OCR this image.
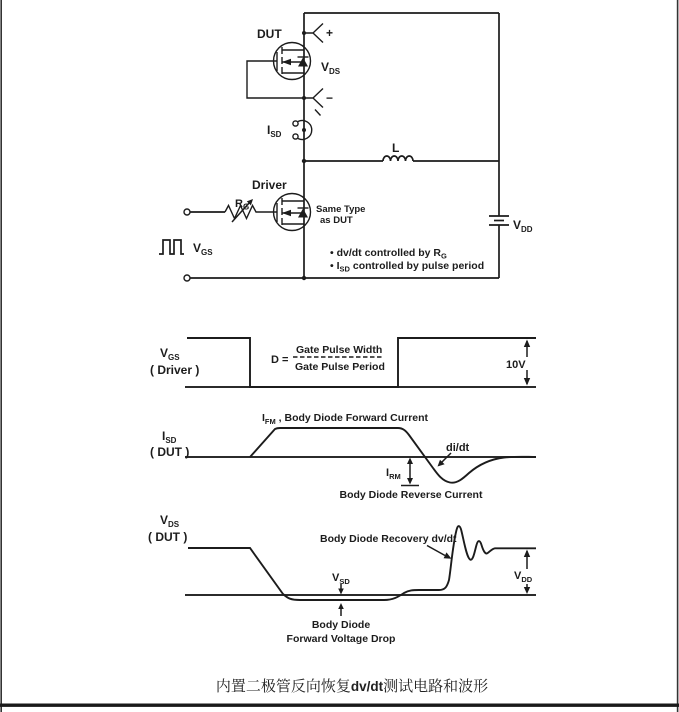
DUT
$V_{DS}$
+
−
$I_{SD}$
L
Driver
$R_G$	Same Type
as DUT
$V_{GS}$
$V_{DD}$
• dv/dt controlled by $R_G$
• $I_{SD}$ controlled by pulse period
$V_{GS}$
( Driver )
D =
Gate Pulse Width
Gate Pulse Period	10V
$I_{SD}$
( DUT )
$I_{FM}$ , Body Diode Forward Current
di/dt
$I_{RM}$
Body Diode Reverse Current
$V_{DS}$
( DUT )	Body Diode Recovery dv/dt
$V_{SD}$
Body Diode
Forward Voltage Drop
$V_{DD}$
内置二极管反向恢复dv/dt测试电路和波形
